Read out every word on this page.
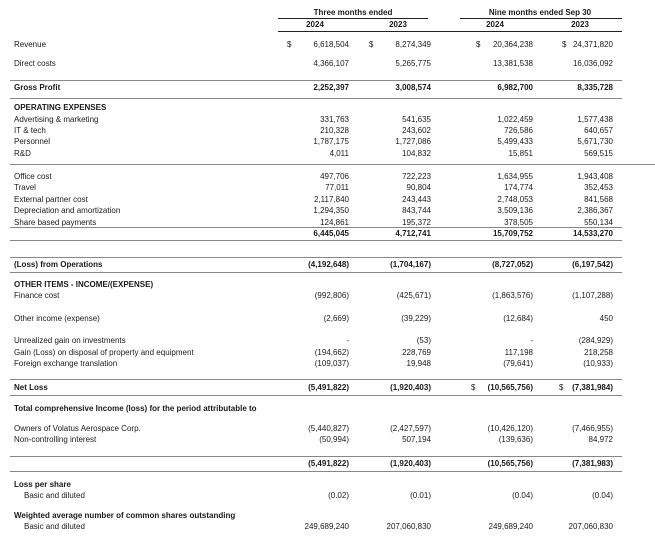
Three months ended	Nine months ended Sep 30
2024	2023	2024	2023
Revenue	6,618,504	8,274,349	20,364,238	24,371,820
Direct costs	4,366,107	5,265,775	13,381,538	16,036,092
Gross Profit	2,252,397	3,008,574	6,982,700	8,335,728
OPERATING EXPENSES
Advertising & marketing	331,763	541,635	1,022,459	1,577,438
IT & tech	210,328	243,602	726,586	640,657
Personnel	1,787,175	1,727,086	5,499,433	5,671,730
R&D	4,011	104,832	15,851	569,515
Office cost	497,706	722,223	1,634,955	1,943,408
Travel	77,011	90,804	174,774	352,453
External partner cost	2,117,840	243,443	2,748,053	841,568
Depreciation and amortization	1,294,350	843,744	3,509,136	2,386,367
Share based payments	124,861	195,372	378,505	550,134
6,445,045	4,712,741	15,709,752	14,533,270
(Loss) from Operations	(4,192,648)	(1,704,167)	(8,727,052)	(6,197,542)
OTHER ITEMS - INCOME/(EXPENSE)
Finance cost	(992,806)	(425,671)	(1,863,576)	(1,107,288)
Other income (expense)	(2,669)	(39,229)	(12,684)	450
Unrealized gain on investments	-	(53)	-	(284,929)
Gain (Loss) on disposal of property and equipment	(194,662)	228,769	117,198	218,258
Foreign exchange translation	(109,037)	19,948	(79,641)	(10,933)
Net Loss	(5,491,822)	(1,920,403)	(10,565,756)	(7,381,984)
Total comprehensive Income (loss) for the period attributable to
Owners of Volatus Aerospace Corp.	(5,440,827)	(2,427,597)	(10,426,120)	(7,466,955)
Non-controlling interest	(50,994)	507,194	(139,636)	84,972
(5,491,822)	(1,920,403)	(10,565,756)	(7,381,983)
Loss per share
Basic and diluted	(0.02)	(0.01)	(0.04)	(0.04)
Weighted average number of common shares outstanding
Basic and diluted	249,689,240	207,060,830	249,689,240	207,060,830
$	$	$	$
$	$
